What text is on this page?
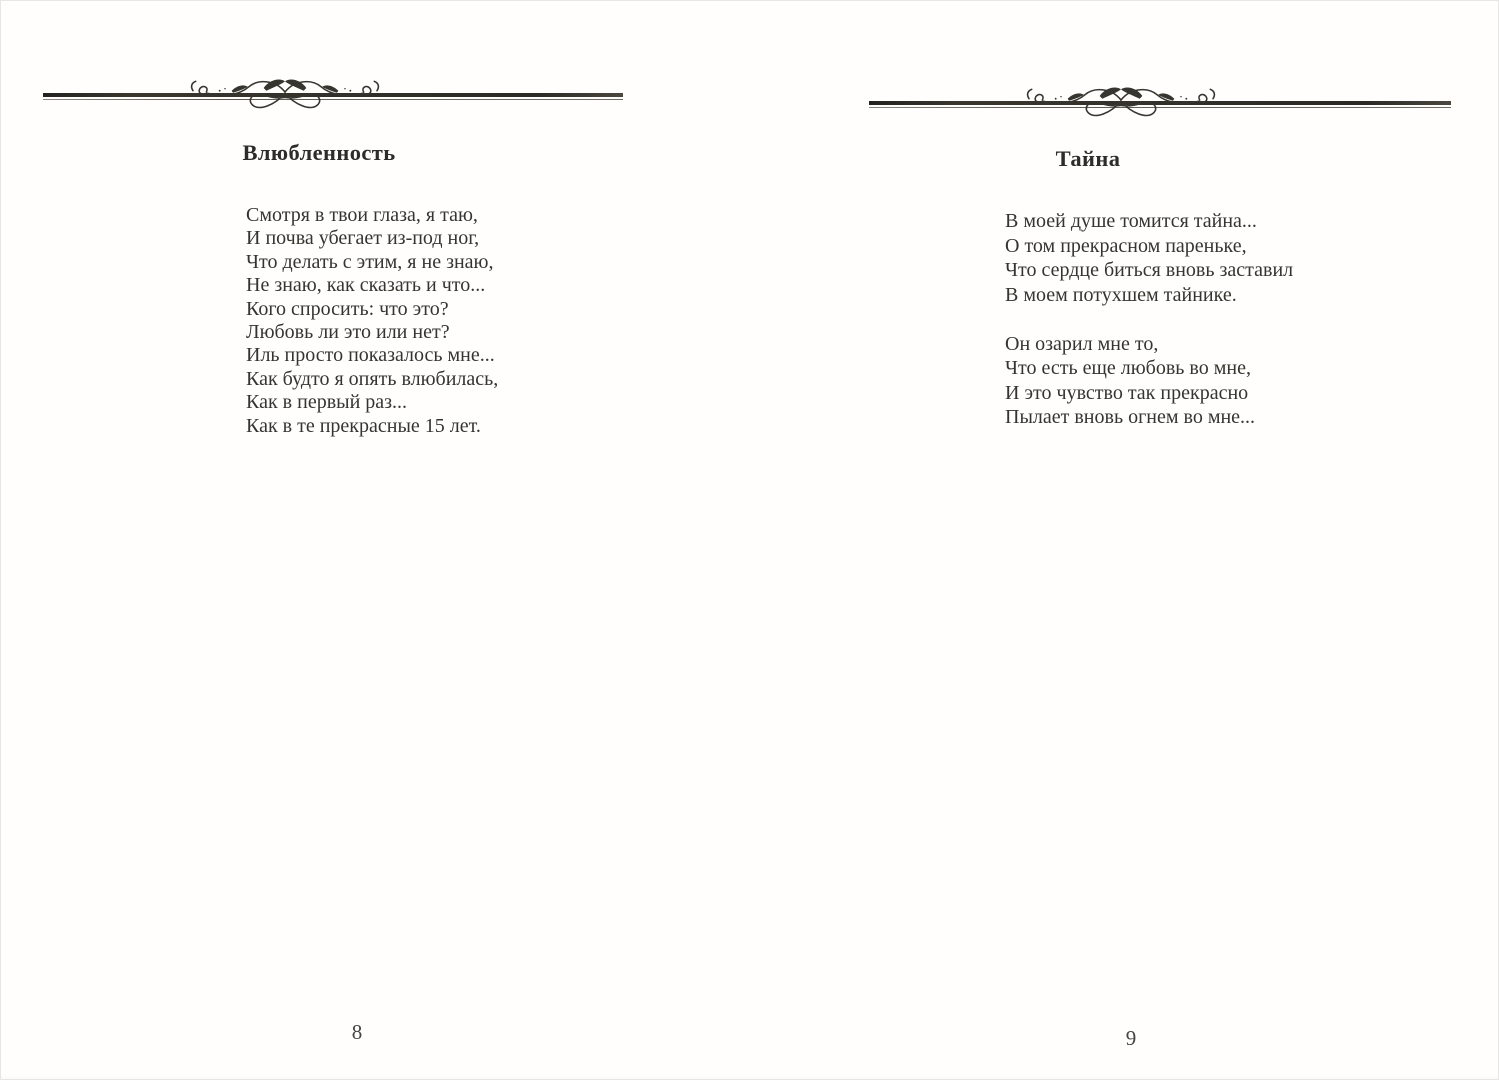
Влюбленность
Смотря в твои глаза, я таю,
И почва убегает из-под ног,
Что делать с этим, я не знаю,
Не знаю, как сказать и что...
Кого спросить: что это?
Любовь ли это или нет?
Иль просто показалось мне...
Как будто я опять влюбилась,
Как в первый раз...
Как в те прекрасные 15 лет.
8
Тайна
В моей душе томится тайна...
О том прекрасном пареньке,
Что сердце биться вновь заставил
В моем потухшем тайнике.
Он озарил мне то,
Что есть еще любовь во мне,
И это чувство так прекрасно
Пылает вновь огнем во мне...
9
